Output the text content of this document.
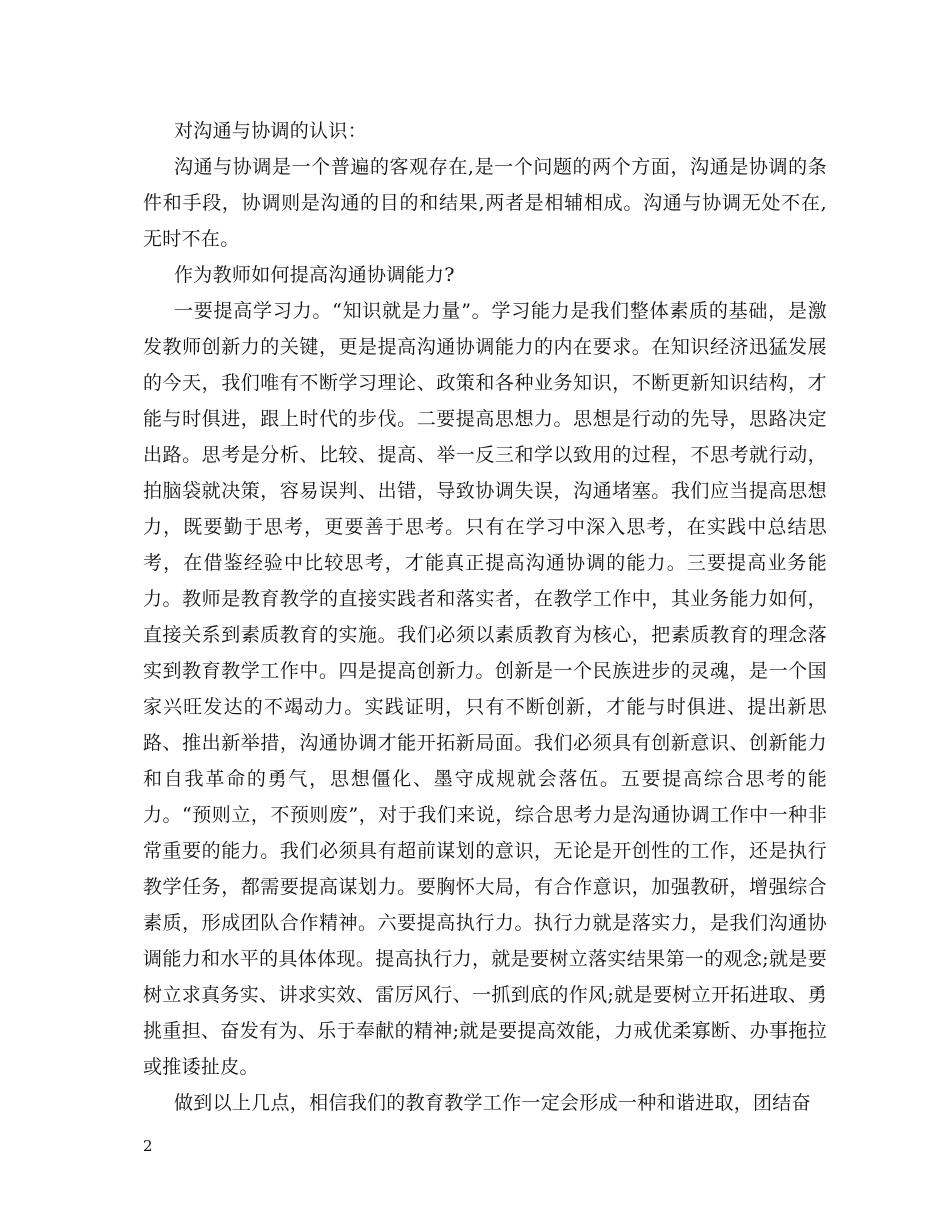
对沟通与协调的认识：

沟通与协调是一个普遍的客观存在,是一个问题的两个方面，沟通是协调的条件和手段，协调则是沟通的目的和结果,两者是相辅相成。沟通与协调无处不在,无时不在。

作为教师如何提高沟通协调能力?

一要提高学习力。“知识就是力量”。学习能力是我们整体素质的基础，是激发教师创新力的关键，更是提高沟通协调能力的内在要求。在知识经济迅猛发展的今天，我们唯有不断学习理论、政策和各种业务知识，不断更新知识结构，才能与时俱进，跟上时代的步伐。二要提高思想力。思想是行动的先导，思路决定出路。思考是分析、比较、提高、举一反三和学以致用的过程，不思考就行动，拍脑袋就决策，容易误判、出错，导致协调失误，沟通堵塞。我们应当提高思想力，既要勤于思考，更要善于思考。只有在学习中深入思考，在实践中总结思考，在借鉴经验中比较思考，才能真正提高沟通协调的能力。三要提高业务能力。教师是教育教学的直接实践者和落实者，在教学工作中，其业务能力如何，直接关系到素质教育的实施。我们必须以素质教育为核心，把素质教育的理念落实到教育教学工作中。四是提高创新力。创新是一个民族进步的灵魂，是一个国家兴旺发达的不竭动力。实践证明，只有不断创新，才能与时俱进、提出新思路、推出新举措，沟通协调才能开拓新局面。我们必须具有创新意识、创新能力和自我革命的勇气，思想僵化、墨守成规就会落伍。五要提高综合思考的能力。“预则立，不预则废”，对于我们来说，综合思考力是沟通协调工作中一种非常重要的能力。我们必须具有超前谋划的意识，无论是开创性的工作，还是执行教学任务，都需要提高谋划力。要胸怀大局，有合作意识，加强教研，增强综合素质，形成团队合作精神。六要提高执行力。执行力就是落实力，是我们沟通协调能力和水平的具体体现。提高执行力，就是要树立落实结果第一的观念;就是要树立求真务实、讲求实效、雷厉风行、一抓到底的作风;就是要树立开拓进取、勇挑重担、奋发有为、乐于奉献的精神;就是要提高效能，力戒优柔寡断、办事拖拉或推诿扯皮。

做到以上几点，相信我们的教育教学工作一定会形成一种和谐进取，团结奋

2
